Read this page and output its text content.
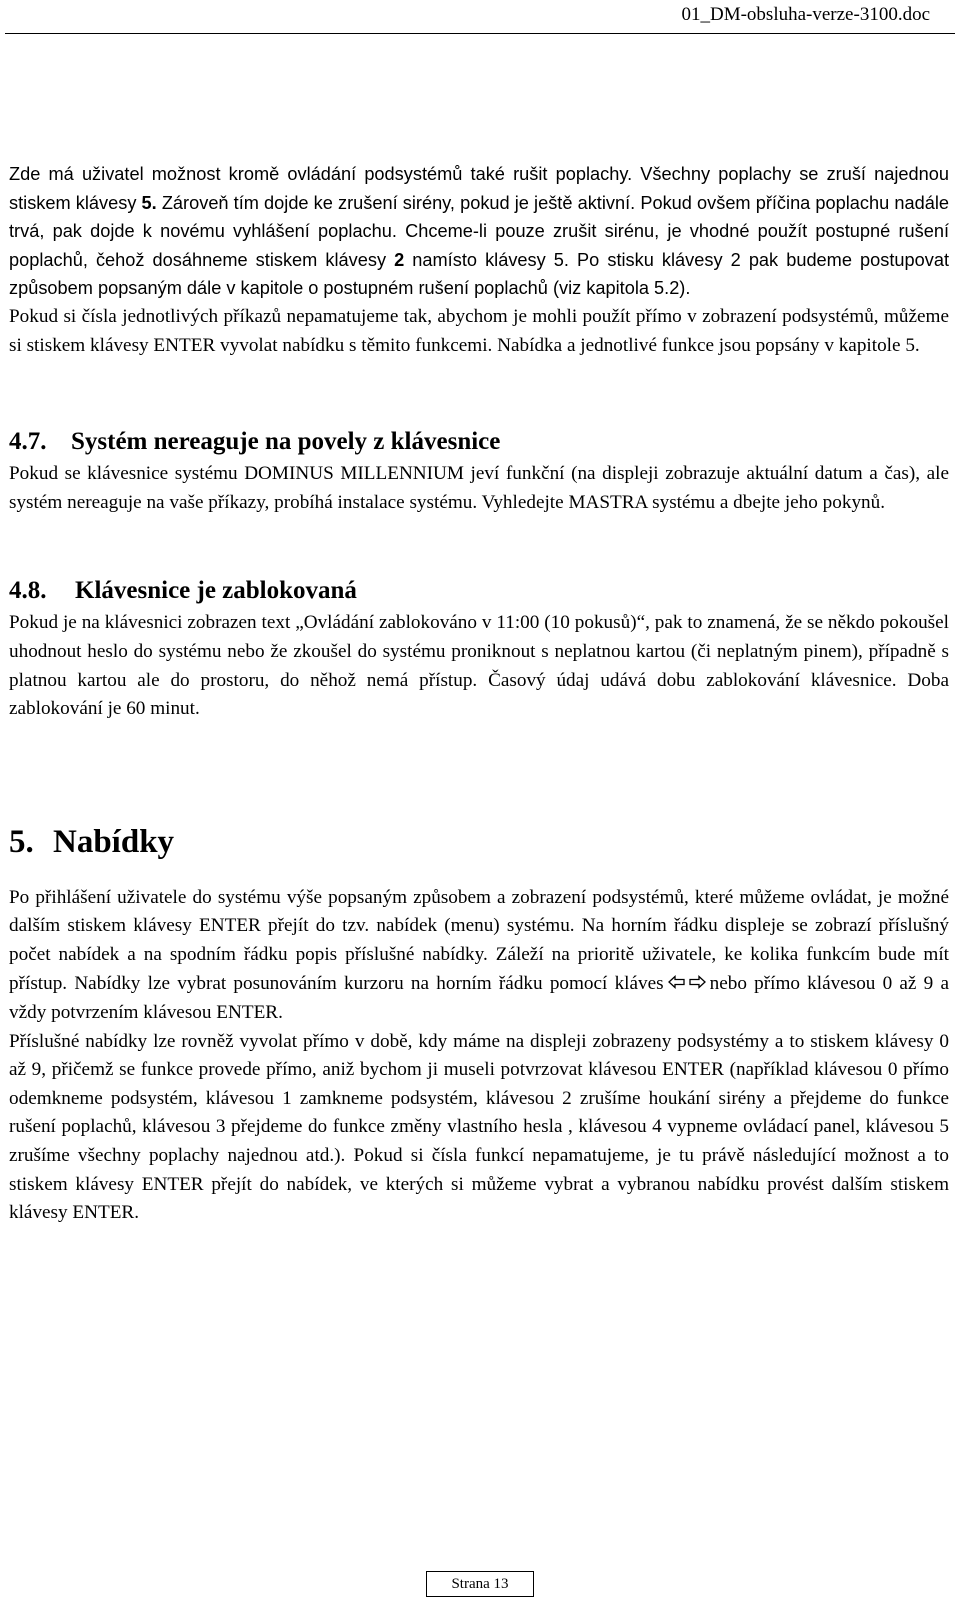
01_DM-obsluha-verze-3100.doc

Zde má uživatel možnost kromě ovládání podsystémů také rušit poplachy. Všechny poplachy se zruší najednou stiskem klávesy 5. Zároveň tím dojde ke zrušení sirény, pokud je ještě aktivní. Pokud ovšem příčina poplachu nadále trvá, pak dojde k novému vyhlášení poplachu. Chceme-li pouze zrušit sirénu, je vhodné použít postupné rušení poplachů, čehož dosáhneme stiskem klávesy 2 namísto klávesy 5. Po stisku klávesy 2 pak budeme postupovat způsobem popsaným dále v kapitole o postupném rušení poplachů (viz kapitola 5.2).

Pokud si čísla jednotlivých příkazů nepamatujeme tak, abychom je mohli použít přímo v zobrazení podsystémů, můžeme si stiskem klávesy ENTER vyvolat nabídku s těmito funkcemi. Nabídka a jednotlivé funkce jsou popsány v kapitole 5.

4.7. Systém nereaguje na povely z klávesnice

Pokud se klávesnice systému DOMINUS MILLENNIUM jeví funkční (na displeji zobrazuje aktuální datum a čas), ale systém nereaguje na vaše příkazy, probíhá instalace systému. Vyhledejte MASTRA systému a dbejte jeho pokynů.

4.8. Klávesnice je zablokovaná

Pokud je na klávesnici zobrazen text „Ovládání zablokováno v 11:00 (10 pokusů)“, pak to znamená, že se někdo pokoušel uhodnout heslo do systému nebo že zkoušel do systému proniknout s neplatnou kartou (či neplatným pinem), případně s platnou kartou ale do prostoru, do něhož nemá přístup. Časový údaj udává dobu zablokování klávesnice. Doba zablokování je 60 minut.

5. Nabídky

Po přihlášení uživatele do systému výše popsaným způsobem a zobrazení podsystémů, které můžeme ovládat, je možné dalším stiskem klávesy ENTER přejít do tzv. nabídek (menu) systému. Na horním řádku displeje se zobrazí příslušný počet nabídek a na spodním řádku popis příslušné nabídky. Záleží na prioritě uživatele, ke kolika funkcím bude mít přístup. Nabídky lze vybrat posunováním kurzoru na horním řádku pomocí kláves nebo přímo klávesou 0 až 9 a vždy potvrzením klávesou ENTER.

Příslušné nabídky lze rovněž vyvolat přímo v době, kdy máme na displeji zobrazeny podsystémy a to stiskem klávesy 0 až 9, přičemž se funkce provede přímo, aniž bychom ji museli potvrzovat klávesou ENTER (například klávesou 0 přímo odemkneme podsystém, klávesou 1 zamkneme podsystém, klávesou 2 zrušíme houkání sirény a přejdeme do funkce rušení poplachů, klávesou 3 přejdeme do funkce změny vlastního hesla , klávesou 4 vypneme ovládací panel, klávesou 5 zrušíme všechny poplachy najednou atd.). Pokud si čísla funkcí nepamatujeme, je tu právě následující možnost a to stiskem klávesy ENTER přejít do nabídek, ve kterých si můžeme vybrat a vybranou nabídku provést dalším stiskem klávesy ENTER.

Strana 13
